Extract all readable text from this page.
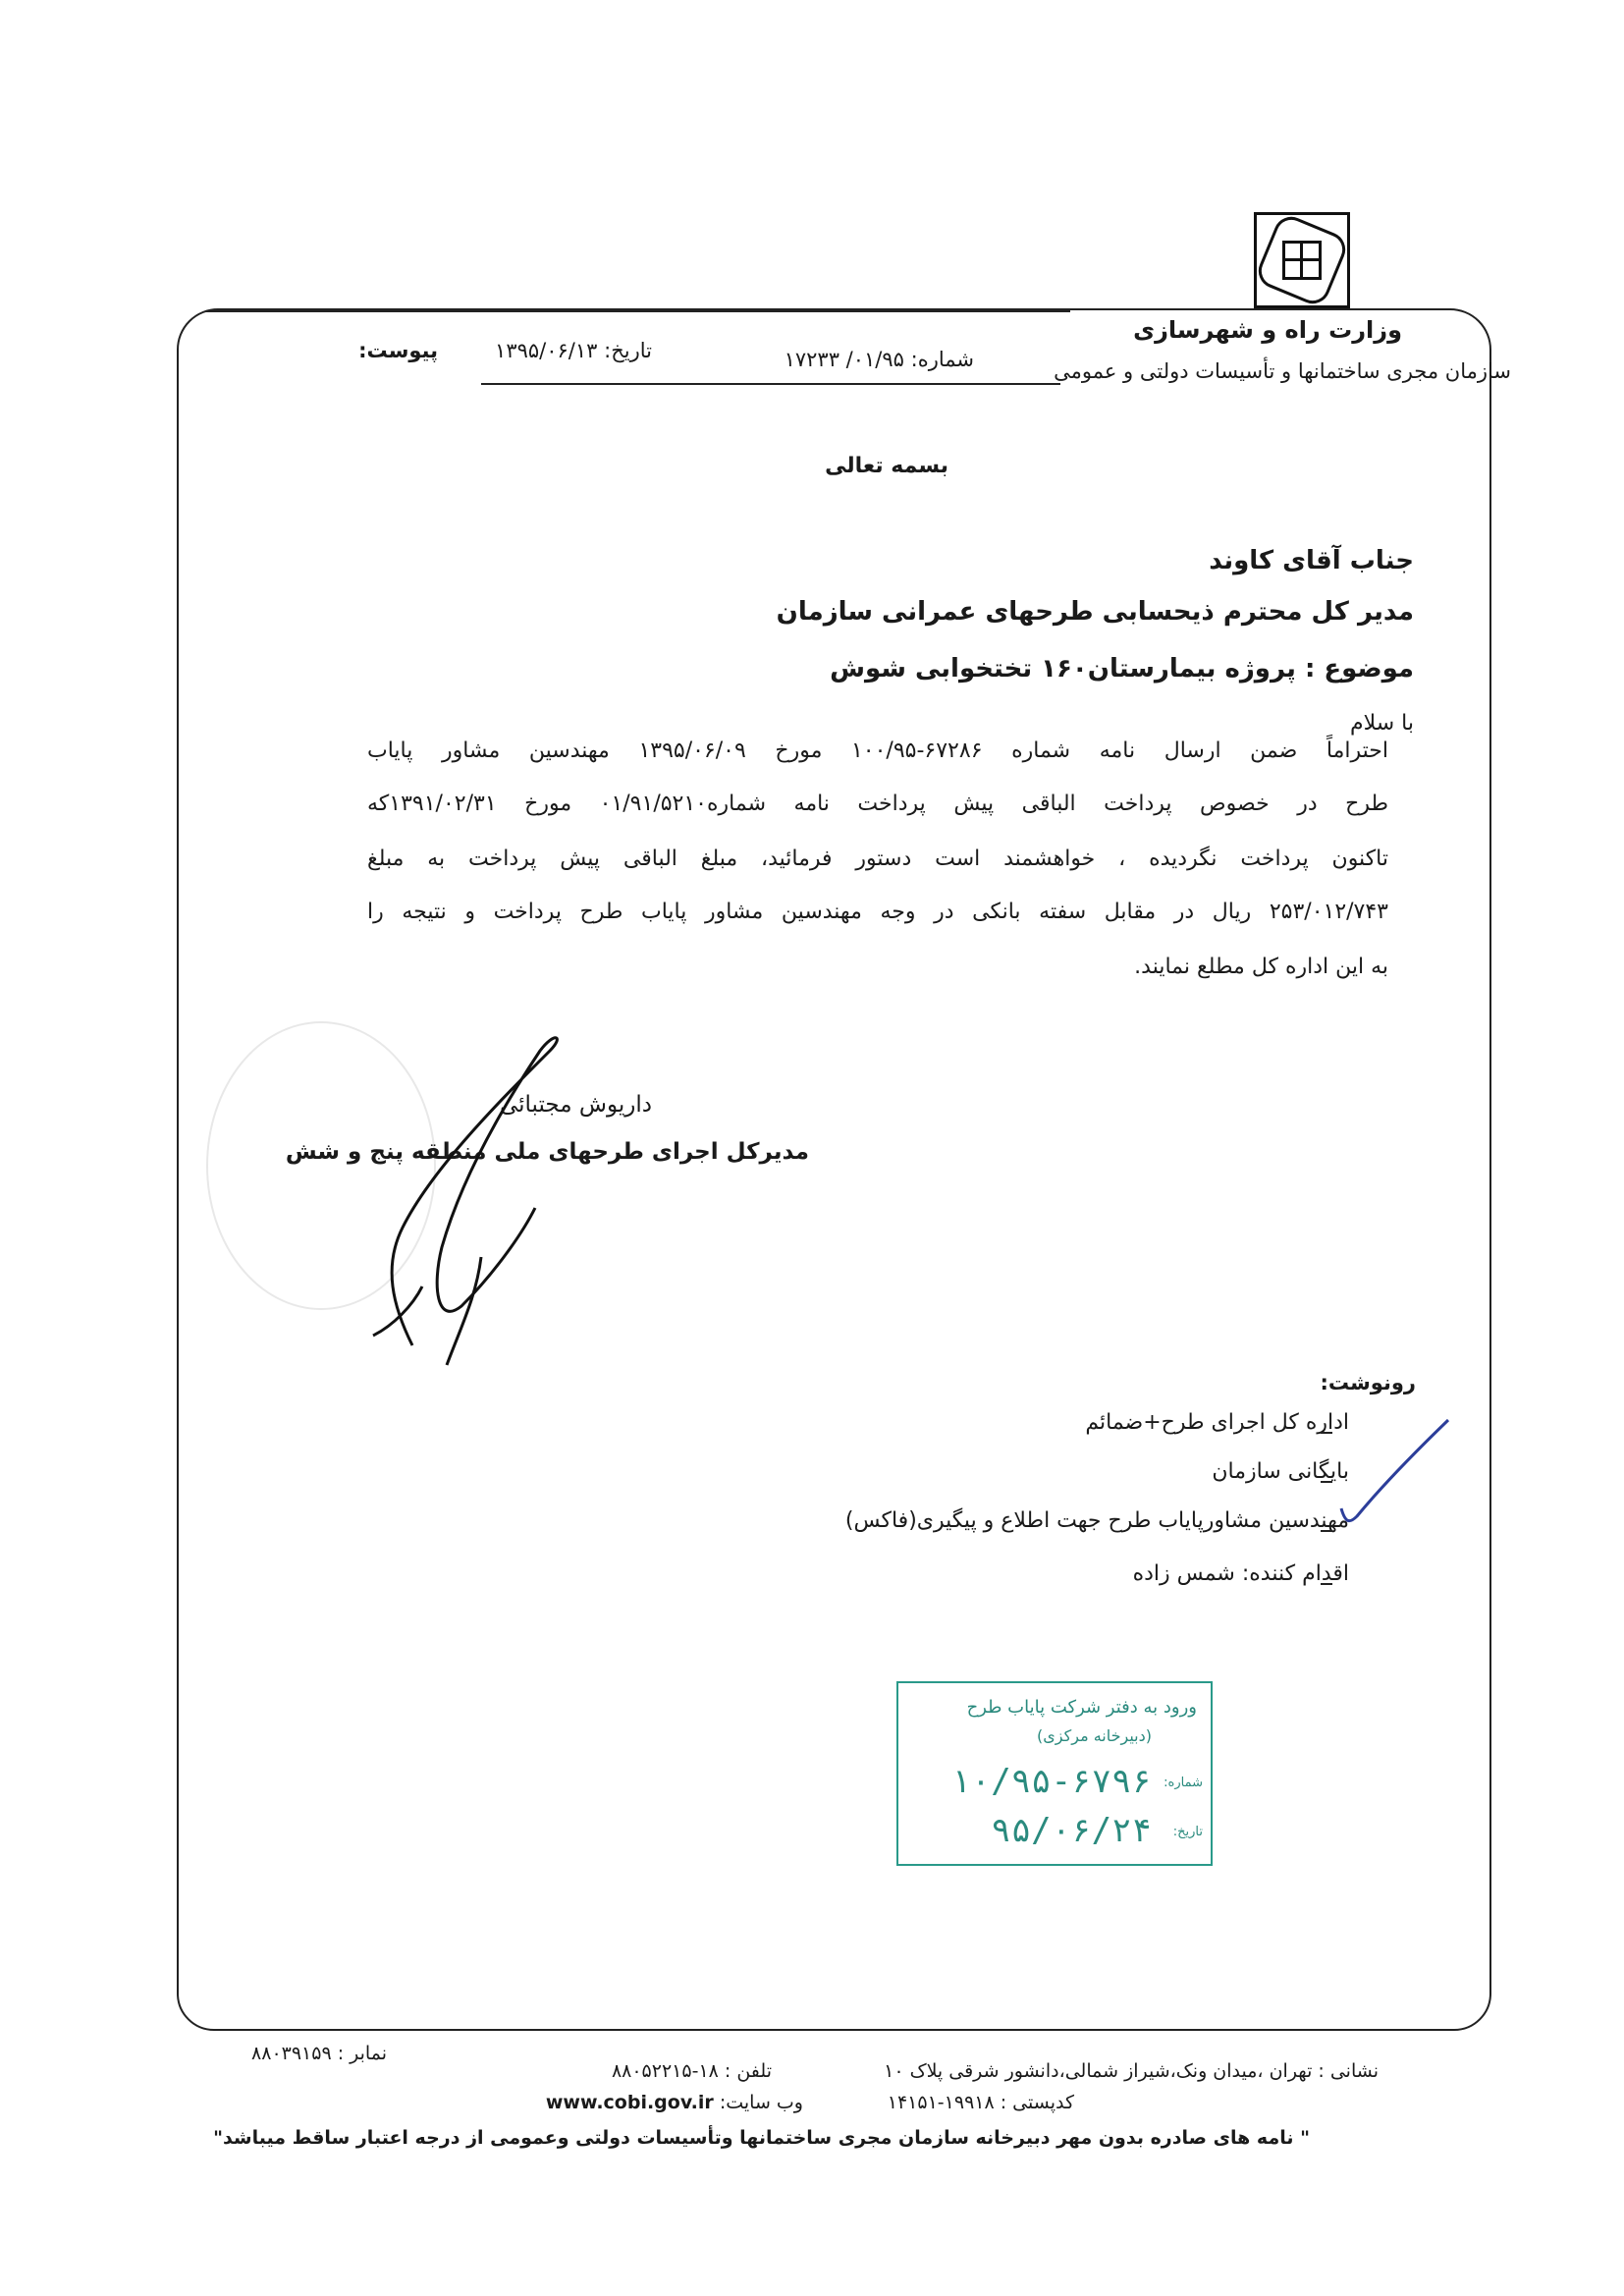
وزارت راه و شهرسازی
سازمان مجری ساختمانها و تأسیسات دولتی و عمومی
شماره: ۰۱/۹۵/ ۱۷۲۳۳
تاریخ: ۱۳۹۵/۰۶/۱۳
پیوست:
بسمه تعالی
جناب آقای کاوند
مدیر کل محترم ذیحسابی طرحهای عمرانی سازمان
موضوع : پروژه بیمارستان۱۶۰ تختخوابی شوش
با سلام
احتراماً ضمن ارسال نامه شماره ۶۷۲۸۶-۱۰۰/۹۵ مورخ ۱۳۹۵/۰۶/۰۹ مهندسین مشاور پایاب
طرح در خصوص پرداخت الباقی پیش پرداخت نامه شماره۰۱/۹۱/۵۲۱۰ مورخ ۱۳۹۱/۰۲/۳۱که
تاکنون پرداخت نگردیده ، خواهشمند است دستور فرمائید، مبلغ الباقی پیش پرداخت به مبلغ
۲۵۳/۰۱۲/۷۴۳ ریال در مقابل سفته بانکی در وجه مهندسین مشاور پایاب طرح پرداخت و نتیجه را
به این اداره کل مطلع نمایند.
داریوش مجتبائی
مدیرکل اجرای طرحهای ملی منطقه پنج و شش
رونوشت:
اداره کل اجرای طرح+ضمائم
بایگانی سازمان
مهندسین مشاورپایاب طرح جهت اطلاع و پیگیری(فاکس)
اقدام کننده: شمس زاده
ورود به دفتر شرکت پایاب طرح
(دبیرخانه مرکزی)
۱۰/۹۵-۶۷۹۶
۹۵/۰۶/۲۴
شماره:
تاریخ:
نشانی : تهران ،میدان ونک،شیراز شمالی،دانشور شرقی پلاک ۱۰
کدپستی : ۱۹۹۱۸-۱۴۱۵۱
تلفن : ۱۸-۸۸۰۵۲۲۱۵
وب سایت: www.cobi.gov.ir
نمابر : ۸۸۰۳۹۱۵۹
" نامه های صادره بدون مهر دبیرخانه سازمان مجری ساختمانها وتأسیسات دولتی وعمومی از درجه اعتبار ساقط میباشد"
